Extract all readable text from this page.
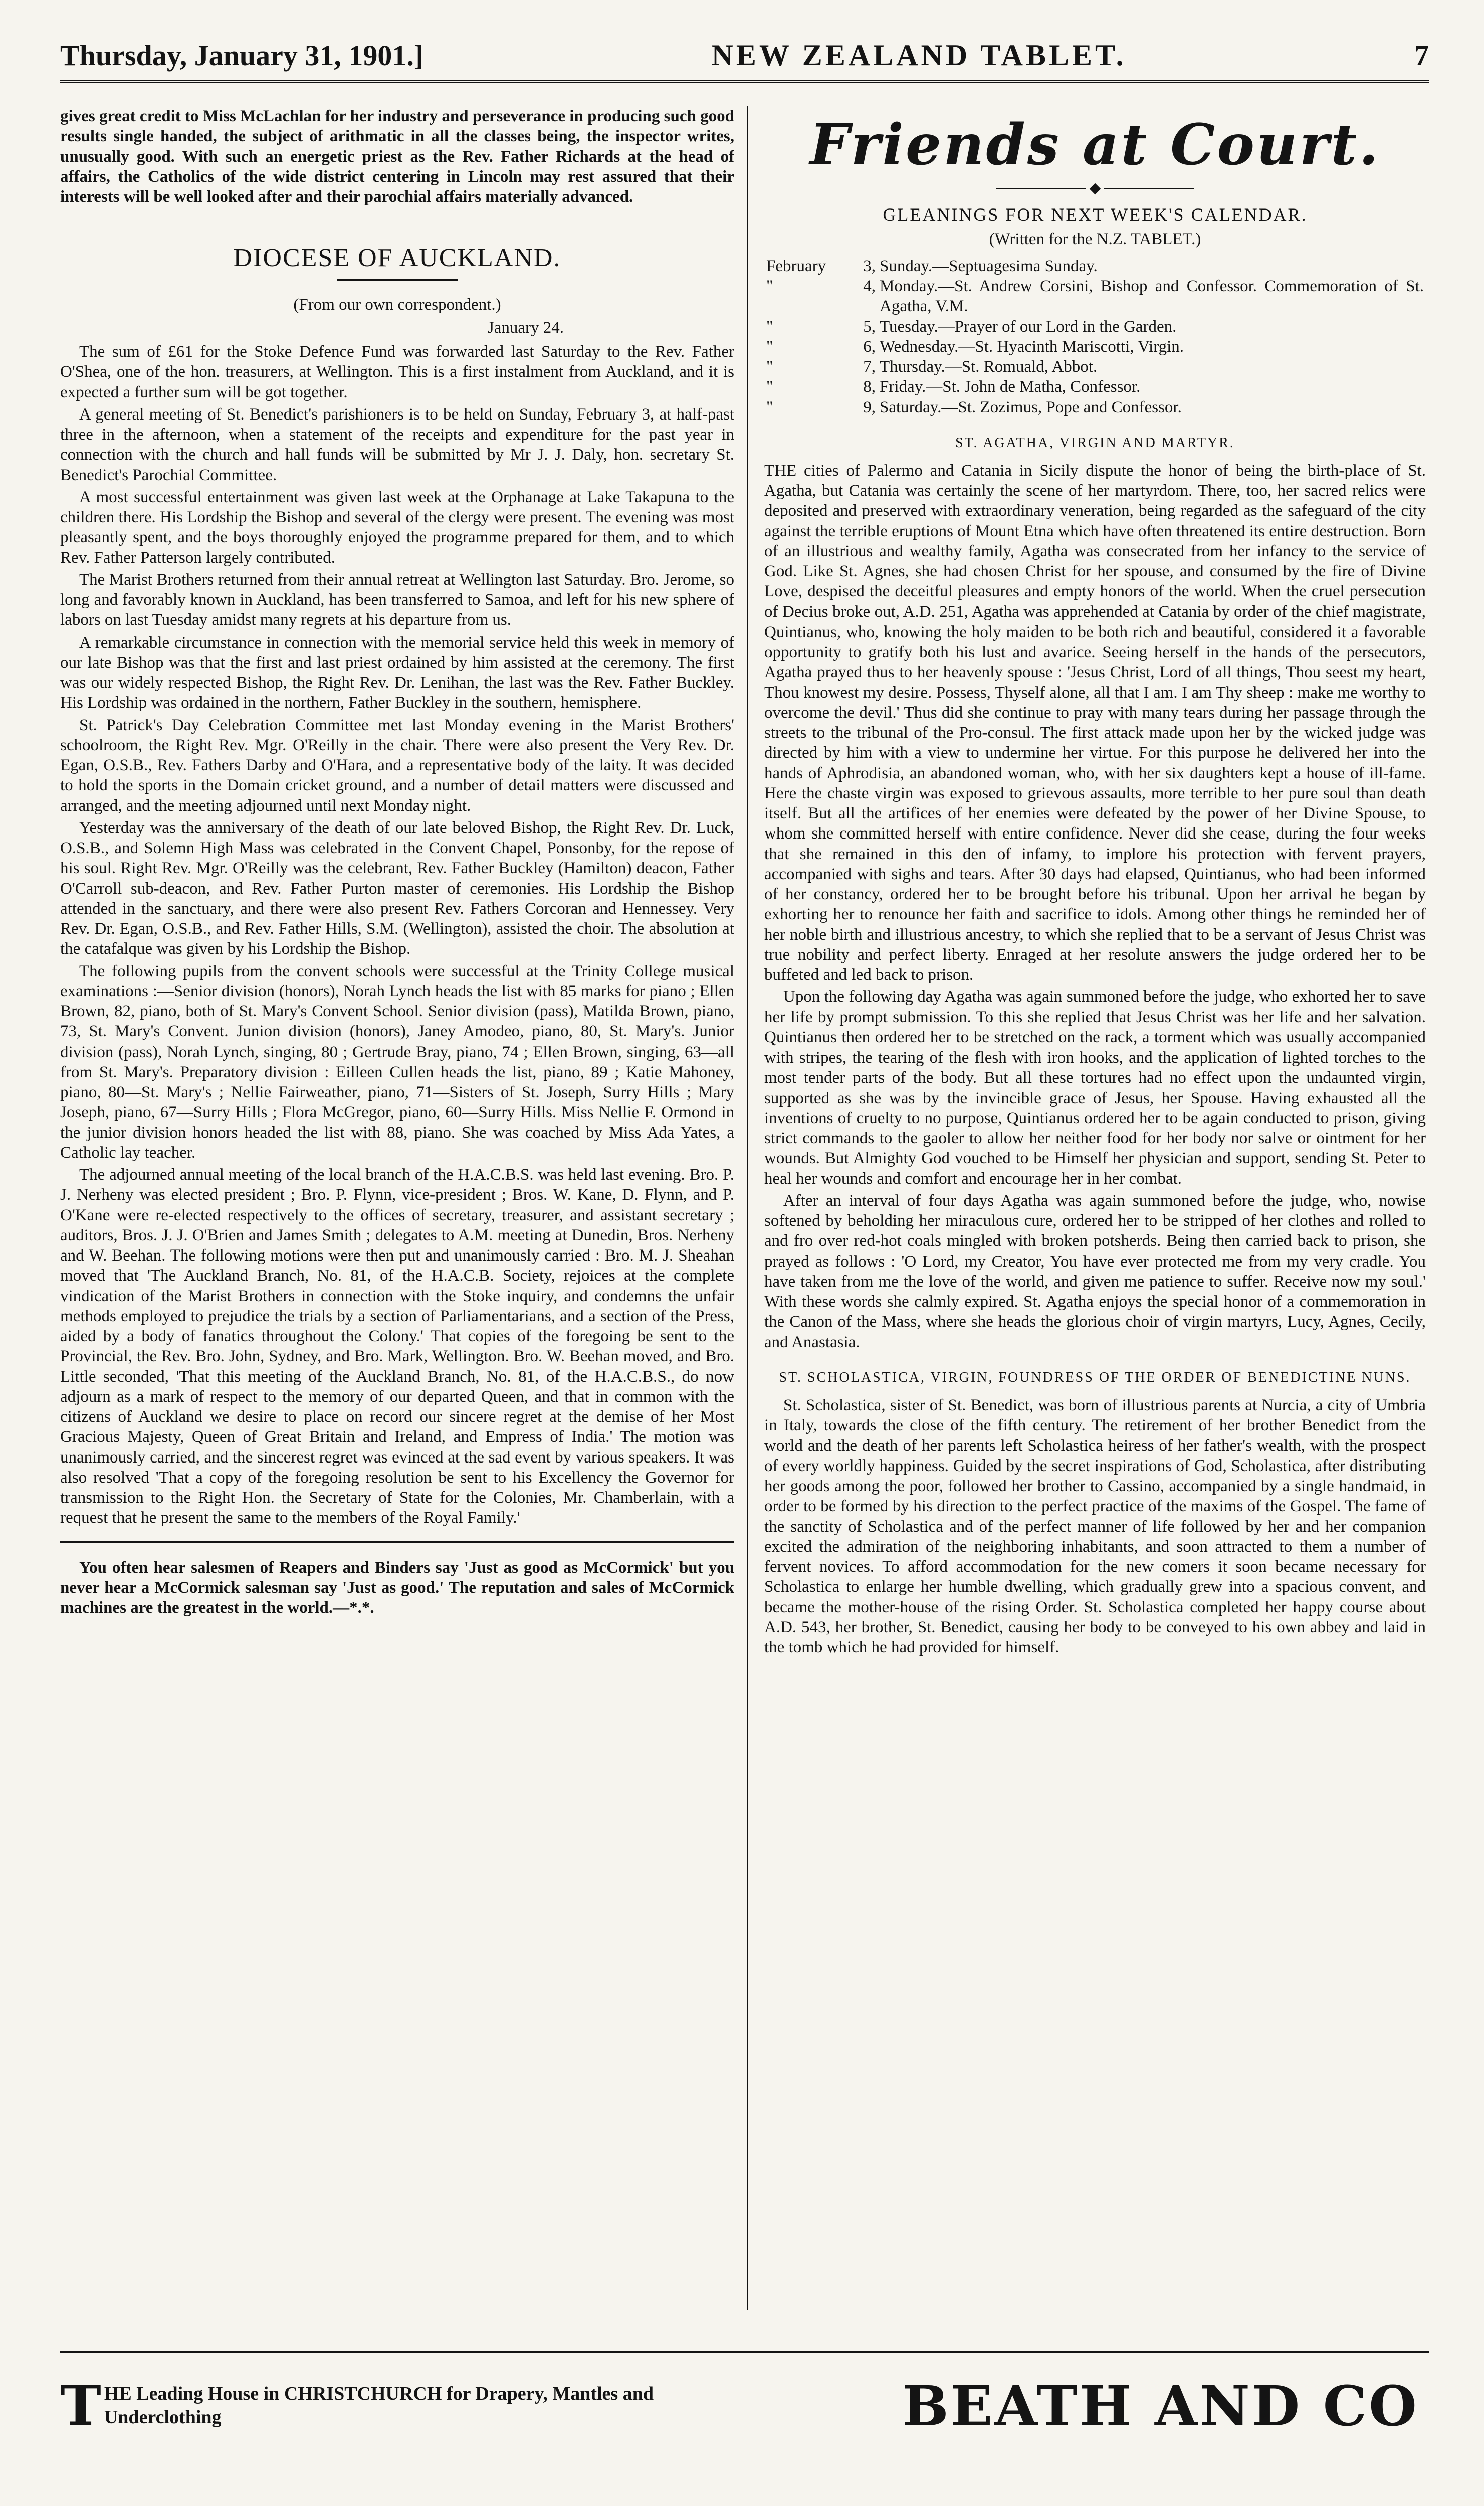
Thursday, January 31, 1901.]	NEW ZEALAND TABLET.	7

gives great credit to Miss McLachlan for her industry and perseverance in producing such good results single handed, the subject of arithmatic in all the classes being, the inspector writes, unusually good. With such an energetic priest as the Rev. Father Richards at the head of affairs, the Catholics of the wide district centering in Lincoln may rest assured that their interests will be well looked after and their parochial affairs materially advanced.

DIOCESE OF AUCKLAND.
(From our own correspondent.)
January 24.

The sum of £61 for the Stoke Defence Fund was forwarded last Saturday to the Rev. Father O'Shea, one of the hon. treasurers, at Wellington. This is a first instalment from Auckland, and it is expected a further sum will be got together.

A general meeting of St. Benedict's parishioners is to be held on Sunday, February 3, at half-past three in the afternoon, when a statement of the receipts and expenditure for the past year in connection with the church and hall funds will be submitted by Mr J. J. Daly, hon. secretary St. Benedict's Parochial Committee.

A most successful entertainment was given last week at the Orphanage at Lake Takapuna to the children there. His Lordship the Bishop and several of the clergy were present. The evening was most pleasantly spent, and the boys thoroughly enjoyed the programme prepared for them, and to which Rev. Father Patterson largely contributed.

The Marist Brothers returned from their annual retreat at Wellington last Saturday. Bro. Jerome, so long and favorably known in Auckland, has been transferred to Samoa, and left for his new sphere of labors on last Tuesday amidst many regrets at his departure from us.

A remarkable circumstance in connection with the memorial service held this week in memory of our late Bishop was that the first and last priest ordained by him assisted at the ceremony. The first was our widely respected Bishop, the Right Rev. Dr. Lenihan, the last was the Rev. Father Buckley. His Lordship was ordained in the northern, Father Buckley in the southern, hemisphere.

St. Patrick's Day Celebration Committee met last Monday evening in the Marist Brothers' schoolroom, the Right Rev. Mgr. O'Reilly in the chair. There were also present the Very Rev. Dr. Egan, O.S.B., Rev. Fathers Darby and O'Hara, and a representative body of the laity. It was decided to hold the sports in the Domain cricket ground, and a number of detail matters were discussed and arranged, and the meeting adjourned until next Monday night.

Yesterday was the anniversary of the death of our late beloved Bishop, the Right Rev. Dr. Luck, O.S.B., and Solemn High Mass was celebrated in the Convent Chapel, Ponsonby, for the repose of his soul. Right Rev. Mgr. O'Reilly was the celebrant, Rev. Father Buckley (Hamilton) deacon, Father O'Carroll sub-deacon, and Rev. Father Purton master of ceremonies. His Lordship the Bishop attended in the sanctuary, and there were also present Rev. Fathers Corcoran and Hennessey. Very Rev. Dr. Egan, O.S.B., and Rev. Father Hills, S.M. (Wellington), assisted the choir. The absolution at the catafalque was given by his Lordship the Bishop.

The following pupils from the convent schools were successful at the Trinity College musical examinations :—Senior division (honors), Norah Lynch heads the list with 85 marks for piano ; Ellen Brown, 82, piano, both of St. Mary's Convent School. Senior division (pass), Matilda Brown, piano, 73, St. Mary's Convent. Junion division (honors), Janey Amodeo, piano, 80, St. Mary's. Junior division (pass), Norah Lynch, singing, 80 ; Gertrude Bray, piano, 74 ; Ellen Brown, singing, 63—all from St. Mary's. Preparatory division : Eilleen Cullen heads the list, piano, 89 ; Katie Mahoney, piano, 80—St. Mary's ; Nellie Fairweather, piano, 71—Sisters of St. Joseph, Surry Hills ; Mary Joseph, piano, 67—Surry Hills ; Flora McGregor, piano, 60—Surry Hills. Miss Nellie F. Ormond in the junior division honors headed the list with 88, piano. She was coached by Miss Ada Yates, a Catholic lay teacher.

The adjourned annual meeting of the local branch of the H.A.C.B.S. was held last evening. Bro. P. J. Nerheny was elected president ; Bro. P. Flynn, vice-president ; Bros. W. Kane, D. Flynn, and P. O'Kane were re-elected respectively to the offices of secretary, treasurer, and assistant secretary ; auditors, Bros. J. J. O'Brien and James Smith ; delegates to A.M. meeting at Dunedin, Bros. Nerheny and W. Beehan. The following motions were then put and unanimously carried : Bro. M. J. Sheahan moved that 'The Auckland Branch, No. 81, of the H.A.C.B. Society, rejoices at the complete vindication of the Marist Brothers in connection with the Stoke inquiry, and condemns the unfair methods employed to prejudice the trials by a section of Parliamentarians, and a section of the Press, aided by a body of fanatics throughout the Colony.' That copies of the foregoing be sent to the Provincial, the Rev. Bro. John, Sydney, and Bro. Mark, Wellington. Bro. W. Beehan moved, and Bro. Little seconded, 'That this meeting of the Auckland Branch, No. 81, of the H.A.C.B.S., do now adjourn as a mark of respect to the memory of our departed Queen, and that in common with the citizens of Auckland we desire to place on record our sincere regret at the demise of her Most Gracious Majesty, Queen of Great Britain and Ireland, and Empress of India.' The motion was unanimously carried, and the sincerest regret was evinced at the sad event by various speakers. It was also resolved 'That a copy of the foregoing resolution be sent to his Excellency the Governor for transmission to the Right Hon. the Secretary of State for the Colonies, Mr. Chamberlain, with a request that he present the same to the members of the Royal Family.'

You often hear salesmen of Reapers and Binders say 'Just as good as McCormick' but you never hear a McCormick salesman say 'Just as good.' The reputation and sales of McCormick machines are the greatest in the world.—*.*.

Friends at Court.
GLEANINGS FOR NEXT WEEK'S CALENDAR.
(Written for the N.Z. TABLET.)
February	3,	Sunday.—Septuagesima Sunday.
"	4,	Monday.—St. Andrew Corsini, Bishop and Confessor. Commemoration of St. Agatha, V.M.
"	5,	Tuesday.—Prayer of our Lord in the Garden.
"	6,	Wednesday.—St. Hyacinth Mariscotti, Virgin.
"	7,	Thursday.—St. Romuald, Abbot.
"	8,	Friday.—St. John de Matha, Confessor.
"	9,	Saturday.—St. Zozimus, Pope and Confessor.
ST. AGATHA, VIRGIN AND MARTYR.

THE cities of Palermo and Catania in Sicily dispute the honor of being the birth-place of St. Agatha, but Catania was certainly the scene of her martyrdom. There, too, her sacred relics were deposited and preserved with extraordinary veneration, being regarded as the safeguard of the city against the terrible eruptions of Mount Etna which have often threatened its entire destruction. Born of an illustrious and wealthy family, Agatha was consecrated from her infancy to the service of God. Like St. Agnes, she had chosen Christ for her spouse, and consumed by the fire of Divine Love, despised the deceitful pleasures and empty honors of the world. When the cruel persecution of Decius broke out, A.D. 251, Agatha was apprehended at Catania by order of the chief magistrate, Quintianus, who, knowing the holy maiden to be both rich and beautiful, considered it a favorable opportunity to gratify both his lust and avarice. Seeing herself in the hands of the persecutors, Agatha prayed thus to her heavenly spouse : 'Jesus Christ, Lord of all things, Thou seest my heart, Thou knowest my desire. Possess, Thyself alone, all that I am. I am Thy sheep : make me worthy to overcome the devil.' Thus did she continue to pray with many tears during her passage through the streets to the tribunal of the Pro-consul. The first attack made upon her by the wicked judge was directed by him with a view to undermine her virtue. For this purpose he delivered her into the hands of Aphrodisia, an abandoned woman, who, with her six daughters kept a house of ill-fame. Here the chaste virgin was exposed to grievous assaults, more terrible to her pure soul than death itself. But all the artifices of her enemies were defeated by the power of her Divine Spouse, to whom she committed herself with entire confidence. Never did she cease, during the four weeks that she remained in this den of infamy, to implore his protection with fervent prayers, accompanied with sighs and tears. After 30 days had elapsed, Quintianus, who had been informed of her constancy, ordered her to be brought before his tribunal. Upon her arrival he began by exhorting her to renounce her faith and sacrifice to idols. Among other things he reminded her of her noble birth and illustrious ancestry, to which she replied that to be a servant of Jesus Christ was true nobility and perfect liberty. Enraged at her resolute answers the judge ordered her to be buffeted and led back to prison.

Upon the following day Agatha was again summoned before the judge, who exhorted her to save her life by prompt submission. To this she replied that Jesus Christ was her life and her salvation. Quintianus then ordered her to be stretched on the rack, a torment which was usually accompanied with stripes, the tearing of the flesh with iron hooks, and the application of lighted torches to the most tender parts of the body. But all these tortures had no effect upon the undaunted virgin, supported as she was by the invincible grace of Jesus, her Spouse. Having exhausted all the inventions of cruelty to no purpose, Quintianus ordered her to be again conducted to prison, giving strict commands to the gaoler to allow her neither food for her body nor salve or ointment for her wounds. But Almighty God vouched to be Himself her physician and support, sending St. Peter to heal her wounds and comfort and encourage her in her combat.

After an interval of four days Agatha was again summoned before the judge, who, nowise softened by beholding her miraculous cure, ordered her to be stripped of her clothes and rolled to and fro over red-hot coals mingled with broken potsherds. Being then carried back to prison, she prayed as follows : 'O Lord, my Creator, You have ever protected me from my very cradle. You have taken from me the love of the world, and given me patience to suffer. Receive now my soul.' With these words she calmly expired. St. Agatha enjoys the special honor of a commemoration in the Canon of the Mass, where she heads the glorious choir of virgin martyrs, Lucy, Agnes, Cecily, and Anastasia.

ST. SCHOLASTICA, VIRGIN, FOUNDRESS OF THE ORDER OF BENEDICTINE NUNS.

St. Scholastica, sister of St. Benedict, was born of illustrious parents at Nurcia, a city of Umbria in Italy, towards the close of the fifth century. The retirement of her brother Benedict from the world and the death of her parents left Scholastica heiress of her father's wealth, with the prospect of every worldly happiness. Guided by the secret inspirations of God, Scholastica, after distributing her goods among the poor, followed her brother to Cassino, accompanied by a single handmaid, in order to be formed by his direction to the perfect practice of the maxims of the Gospel. The fame of the sanctity of Scholastica and of the perfect manner of life followed by her and her companion excited the admiration of the neighboring inhabitants, and soon attracted to them a number of fervent novices. To afford accommodation for the new comers it soon became necessary for Scholastica to enlarge her humble dwelling, which gradually grew into a spacious convent, and became the mother-house of the rising Order. St. Scholastica completed her happy course about A.D. 543, her brother, St. Benedict, causing her body to be conveyed to his own abbey and laid in the tomb which he had provided for himself.

T HE Leading House in CHRISTCHURCH for Drapery, Mantles and
Underclothing	BEATH AND CO
